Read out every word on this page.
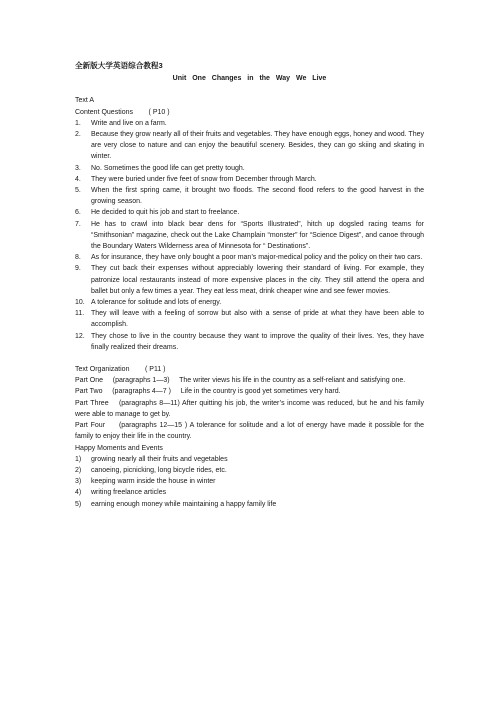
全新版大学英语综合教程3

Unit One Changes in the Way We Live

Text A

Content Questions        ( P10 )

1.	Write and live on a farm.
2.	Because they grow nearly all of their fruits and vegetables. They have enough eggs, honey and wood. They are very close to nature and can enjoy the beautiful scenery. Besides, they can go skiing and skating in winter.
3.	No. Sometimes the good life can get pretty tough.
4.	They were buried under five feet of snow from December through March.
5.	When the first spring came, it brought two floods. The second flood refers to the good harvest in the growing season.
6.	He decided to quit his job and start to freelance.
7.	He has to crawl into black bear dens for “Sports Illustrated”, hitch up dogsled racing teams for “Smithsonian” magazine, check out the Lake Champlain “monster” for “Science Digest”, and canoe through the Boundary Waters Wilderness area of Minnesota for “ Destinations”.
8.	As for insurance, they have only bought a poor man’s major-medical policy and the policy on their two cars.
9.	They cut back their expenses without appreciably lowering their standard of living. For example, they patronize local restaurants instead of more expensive places in the city. They still attend the opera and ballet but only a few times a year. They eat less meat, drink cheaper wine and see fewer movies.
10. A tolerance for solitude and lots of energy.
11. They will leave with a feeling of sorrow but also with a sense of pride at what they have been able to accomplish.
12. They chose to live in the country because they want to improve the quality of their lives. Yes, they have finally realized their dreams.

Text Organization        ( P11 )

Part One     (paragraphs 1—3)     The writer views his life in the country as a self-reliant and satisfying one.

Part Two     (paragraphs 4—7 )     Life in the country is good yet sometimes very hard.

Part Three    (paragraphs 8—11) After quitting his job, the writer’s income was reduced, but he and his family were able to manage to get by.

Part Four     (paragraphs 12—15 ) A tolerance for solitude and a lot of energy have made it possible for the family to enjoy their life in the country.

Happy Moments and Events

1)	growing nearly all their fruits and vegetables
2)	canoeing, picnicking, long bicycle rides, etc.
3)	keeping warm inside the house in winter
4)	writing freelance articles
5)	earning enough money while maintaining a happy family life
